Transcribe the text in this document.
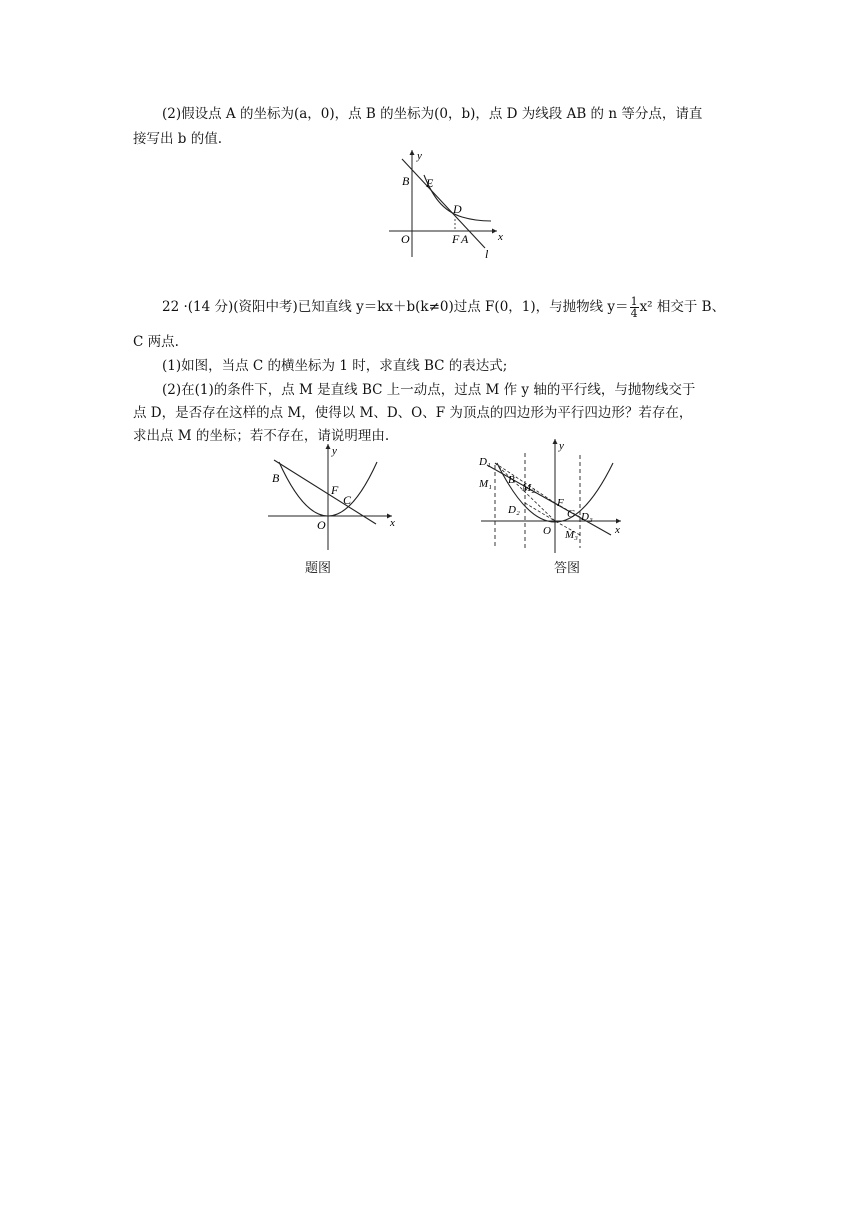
(2)假设点 A 的坐标为(a，0)，点 B 的坐标为(0，b)，点 D 为线段 AB 的 n 等分点，请直
接写出 b 的值.
y
x
B E
D
O	F A
l
22 ·(14 分)(资阳中考)已知直线 y＝kx＋b(k≠0)过点 F(0，1)，与抛物线 $y= \frac{1}{4} x^2$ 相交于 B、
C 两点.
(1)如图，当点 C 的横坐标为 1 时，求直线 BC 的表达式;
(2)在(1)的条件下，点 M 是直线 BC 上一动点，过点 M 作 y 轴的平行线，与抛物线交于
点 D，是否存在这样的点 M，使得以 M、D、O、F 为顶点的四边形为平行四边形？若存在，
求出点 M 的坐标；若不存在，请说明理由.
y
x
B
F
C
O
题图
y
x
D₁
M₁ B
M₂
D₂
F
C D₃
O M₃
答图
